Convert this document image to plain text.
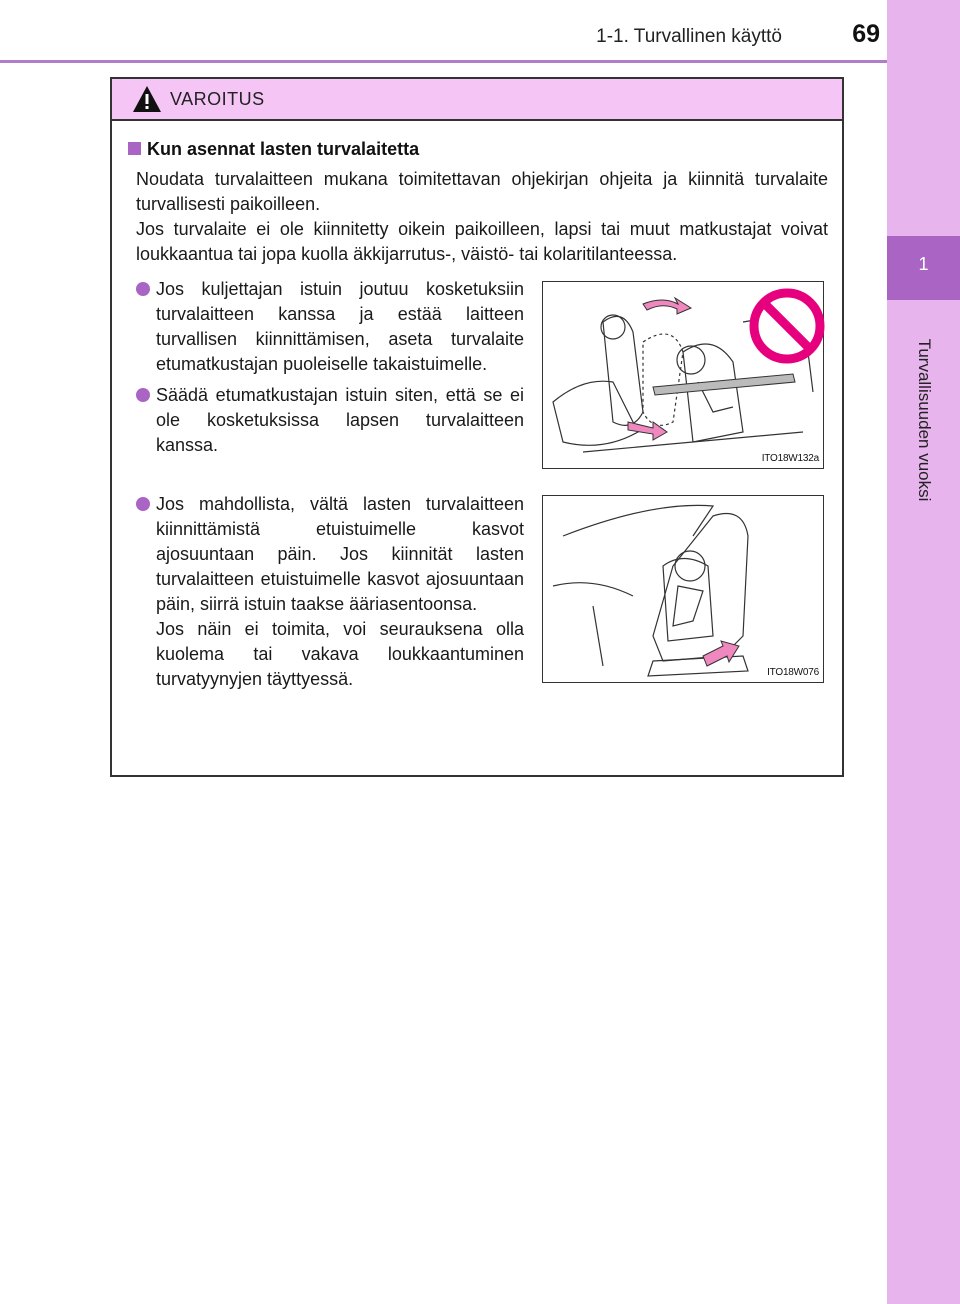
1-1. Turvallinen käyttö	69
1
Turvallisuuden vuoksi
VAROITUS
Kun asennat lasten turvalaitetta

Noudata turvalaitteen mukana toimitettavan ohjekirjan ohjeita ja kiinnitä turvalaite turvallisesti paikoilleen.

Jos turvalaite ei ole kiinnitetty oikein paikoilleen, lapsi tai muut matkustajat voivat loukkaantua tai jopa kuolla äkkijarrutus-, väistö- tai kolaritilanteessa.

Jos kuljettajan istuin joutuu kosketuksiin turvalaitteen kanssa ja estää laitteen turvallisen kiinnittämisen, aseta turvalaite etumatkustajan puoleiselle takaistuimelle.
Säädä etumatkustajan istuin siten, että se ei ole kosketuksissa lapsen turvalaitteen kanssa.
ITO18W132a
Jos mahdollista, vältä lasten turvalaitteen kiinnittämistä etuistuimelle kasvot ajosuuntaan päin. Jos kiinnität lasten turvalaitteen etuistuimelle kasvot ajosuuntaan päin, siirrä istuin taakse ääriasentoonsa.
Jos näin ei toimita, voi seurauksena olla kuolema tai vakava loukkaantuminen turvatyynyjen täyttyessä.	ITO18W076
